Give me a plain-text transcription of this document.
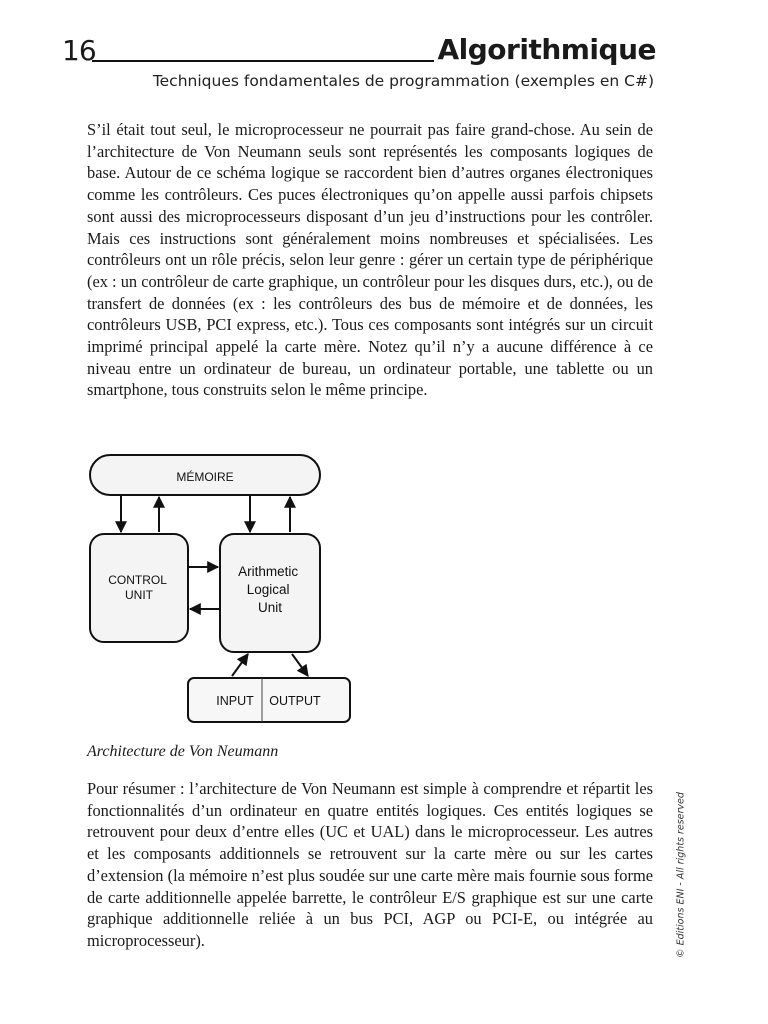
16	Algorithmique
Techniques fondamentales de programmation (exemples en C#)

S’il était tout seul, le microprocesseur ne pourrait pas faire grand-chose. Au sein de l’architecture de Von Neumann seuls sont représentés les composants logiques de base. Autour de ce schéma logique se raccordent bien d’autres organes électroniques comme les contrôleurs. Ces puces électroniques qu’on appelle aussi parfois chipsets sont aussi des microprocesseurs disposant d’un jeu d’instructions pour les contrôler. Mais ces instructions sont généralement moins nombreuses et spécialisées. Les contrôleurs ont un rôle précis, selon leur genre : gérer un certain type de périphérique (ex : un contrôleur de carte graphique, un contrôleur pour les disques durs, etc.), ou de transfert de données (ex : les contrôleurs des bus de mémoire et de données, les contrôleurs USB, PCI express, etc.). Tous ces composants sont intégrés sur un circuit imprimé principal appelé la carte mère. Notez qu’il n’y a aucune différence à ce niveau entre un ordinateur de bureau, un ordinateur portable, une tablette ou un smartphone, tous construits selon le même principe.

MÉMOIRE
CONTROL UNIT
Arithmetic Logical Unit
INPUT OUTPUT
Architecture de Von Neumann

Pour résumer : l’architecture de Von Neumann est simple à comprendre et répartit les fonctionnalités d’un ordinateur en quatre entités logiques. Ces entités logiques se retrouvent pour deux d’entre elles (UC et UAL) dans le microprocesseur. Les autres et les composants additionnels se retrouvent sur la carte mère ou sur les cartes d’extension (la mémoire n’est plus soudée sur une carte mère mais fournie sous forme de carte additionnelle appelée barrette, le contrôleur E/S graphique est sur une carte graphique additionnelle reliée à un bus PCI, AGP ou PCI-E, ou intégrée au microprocesseur).	© Editions ENI - All rights reserved
